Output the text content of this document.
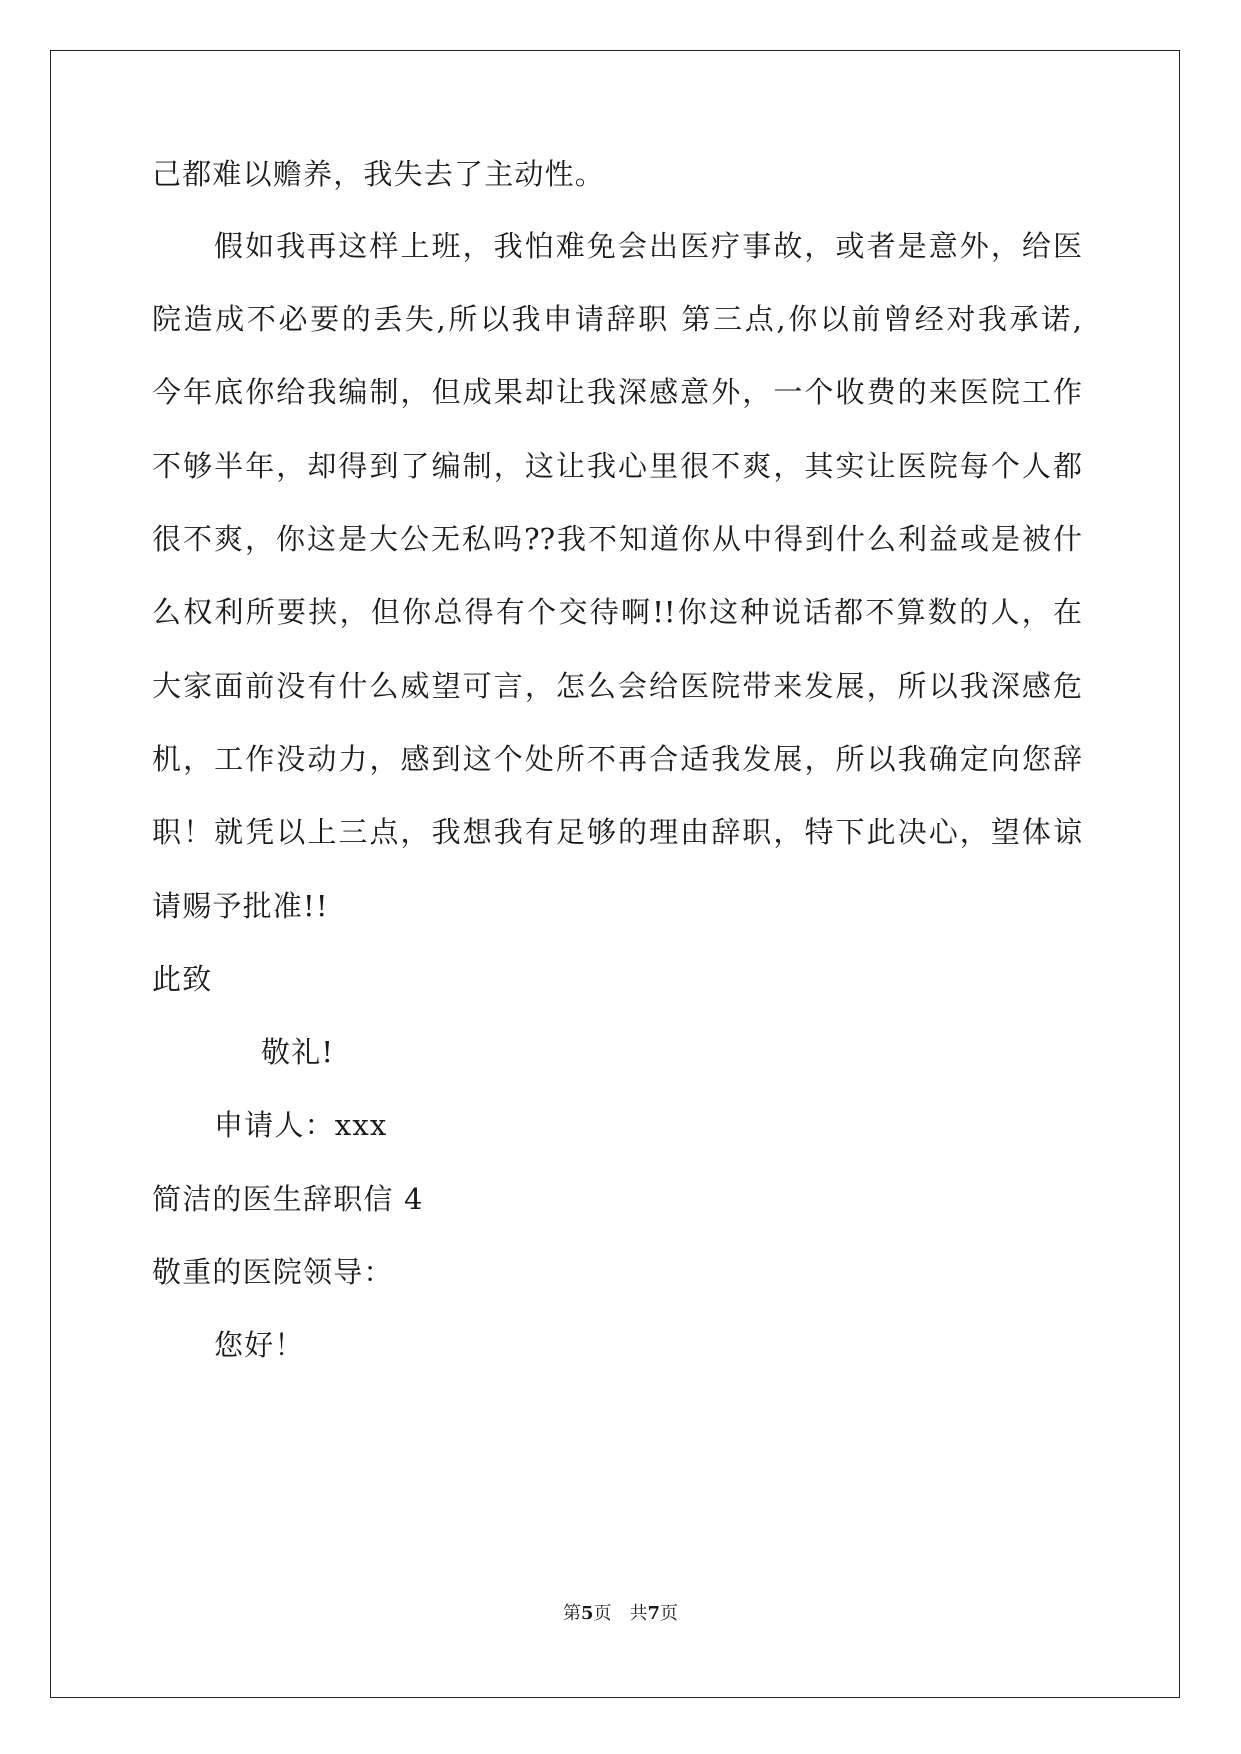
己都难以赡养，我失去了主动性。
假如我再这样上班，我怕难免会出医疗事故，或者是意外，给医
院造成不必要的丢失,所以我申请辞职 第三点,你以前曾经对我承诺,
今年底你给我编制，但成果却让我深感意外，一个收费的来医院工作
不够半年，却得到了编制，这让我心里很不爽，其实让医院每个人都
很不爽，你这是大公无私吗??我不知道你从中得到什么利益或是被什
么权利所要挟，但你总得有个交待啊!!你这种说话都不算数的人，在
大家面前没有什么威望可言，怎么会给医院带来发展，所以我深感危
机，工作没动力，感到这个处所不再合适我发展，所以我确定向您辞
职！就凭以上三点，我想我有足够的理由辞职，特下此决心，望体谅
请赐予批准!!
此致
敬礼!
申请人：xxx
简洁的医生辞职信 4
敬重的医院领导：
您好！
第5页　共7页
